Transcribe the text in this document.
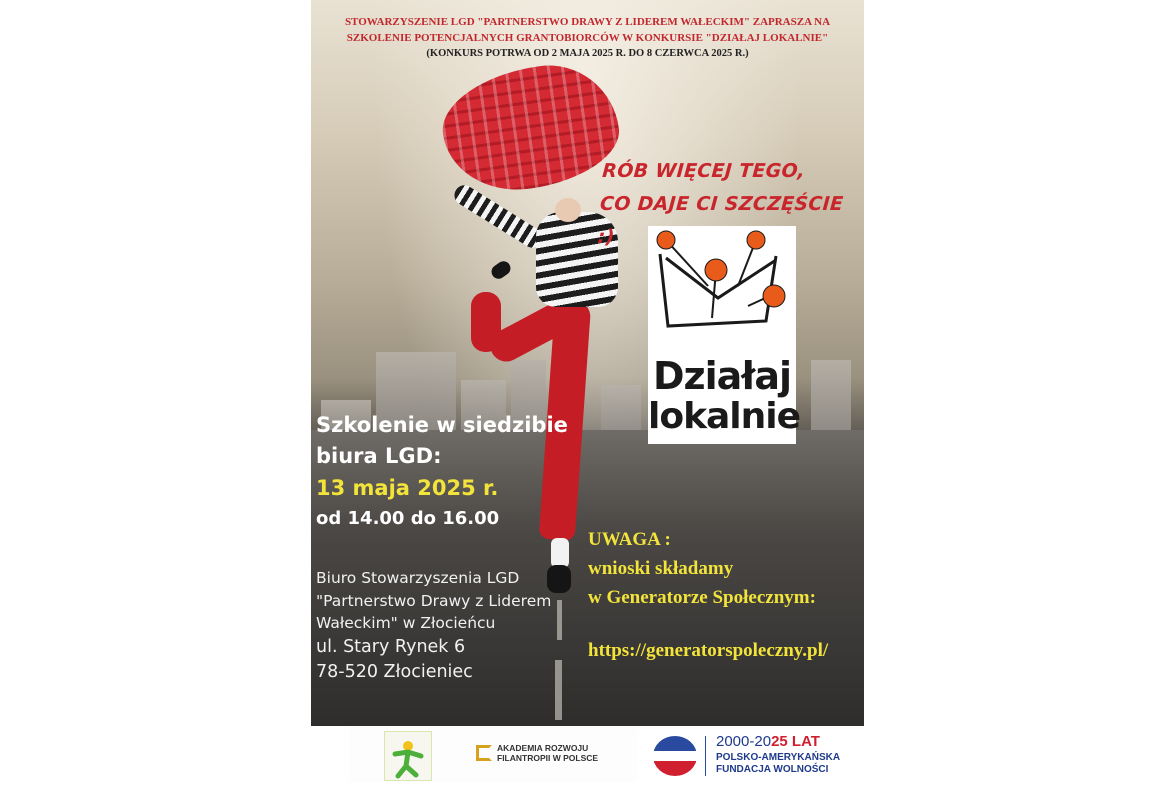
STOWARZYSZENIE LGD "PARTNERSTWO DRAWY Z LIDEREM WAŁECKIM" ZAPRASZA NA
SZKOLENIE POTENCJALNYCH GRANTOBIORCÓW W KONKURSIE "DZIAŁAJ LOKALNIE"
(KONKURS POTRWA OD 2 MAJA 2025 R. DO 8 CZERWCA 2025 R.)
RÓB WIĘCEJ TEGO,
CO DAJE CI SZCZĘŚCIE :)
Działaj
lokalnie
Szkolenie w siedzibie
biura LGD:
13 maja 2025 r.
od 14.00 do 16.00
Biuro Stowarzyszenia LGD
"Partnerstwo Drawy z Liderem
Wałeckim" w Złocieńcu
ul. Stary Rynek 6
78-520 Złocieniec
UWAGA :
wnioski składamy
w Generatorze Społecznym:
https://generatorspoleczny.pl/
AKADEMIA ROZWOJU
FILANTROPII W POLSCE
2000-2025 LAT
POLSKO-AMERYKAŃSKA
FUNDACJA WOLNOŚCI
